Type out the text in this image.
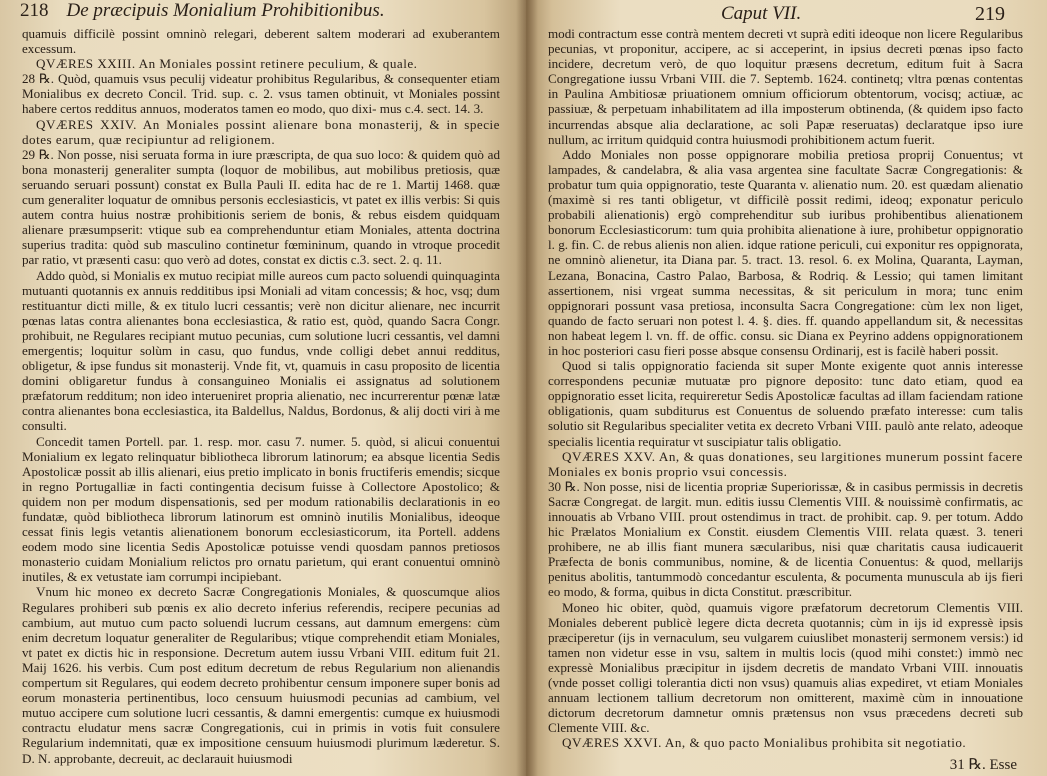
218 De præcipuis Monialium Prohibitionibus.

quamuis difficilè possint omninò relegari, deberent saltem moderari ad exuberantem excessum.

QVÆRES XXIII. An Moniales possint retinere peculium, & quale.

28 ℞. Quòd, quamuis vsus peculij videatur prohibitus Regularibus, & consequenter etiam Monialibus ex decreto Concil. Trid. sup. c. 2. vsus tamen obtinuit, vt Moniales possint habere certos redditus annuos, moderatos tamen eo modo, quo dixi- mus c.4. sect. 14. 3.

QVÆRES XXIV. An Moniales possint alienare bona monasterij, & in specie dotes earum, quæ recipiuntur ad religionem.

29 ℞. Non posse, nisi seruata forma in iure præscripta, de qua suo loco: & quidem quò ad bona monasterij generaliter sumpta (loquor de mobilibus, aut mobilibus pretiosis, quæ seruando seruari possunt) constat ex Bulla Pauli II. edita hac de re 1. Martij 1468. quæ cum generaliter loquatur de omnibus personis ecclesiasticis, vt patet ex illis verbis: Si quis autem contra huius nostræ prohibitionis seriem de bonis, & rebus eisdem quidquam alienare præsumpserit: vtique sub ea comprehenduntur etiam Moniales, attenta doctrina superius tradita: quòd sub masculino continetur fœmininum, quando in vtroque procedit par ratio, vt præsenti casu: quo verò ad dotes, constat ex dictis c.3. sect. 2. q. 11.

Addo quòd, si Monialis ex mutuo recipiat mille aureos cum pacto soluendi quinquaginta mutuanti quotannis ex annuis redditibus ipsi Moniali ad vitam concessis; & hoc, vsq; dum restituantur dicti mille, & ex titulo lucri cessantis; verè non dicitur alienare, nec incurrit pœnas latas contra alienantes bona ecclesiastica, & ratio est, quòd, quando Sacra Congr. prohibuit, ne Regulares recipiant mutuo pecunias, cum solutione lucri cessantis, vel damni emergentis; loquitur solùm in casu, quo fundus, vnde colligi debet annui redditus, obligetur, & ipse fundus sit monasterij. Vnde fit, vt, quamuis in casu proposito de licentia domini obligaretur fundus à consanguineo Monialis ei assignatus ad solutionem præfatorum redditum; non ideo interueniret propria alienatio, nec incurrerentur pœnæ latæ contra alienantes bona ecclesiastica, ita Baldellus, Naldus, Bordonus, & alij docti viri à me consulti.

Concedit tamen Portell. par. 1. resp. mor. casu 7. numer. 5. quòd, si alicui conuentui Monialium ex legato relinquatur bibliotheca librorum latinorum; ea absque licentia Sedis Apostolicæ possit ab illis alienari, eius pretio implicato in bonis fructiferis emendis; sicque in regno Portugalliæ in facti contingentia decisum fuisse à Collectore Apostolico; & quidem non per modum dispensationis, sed per modum rationabilis declarationis in eo fundatæ, quòd bibliotheca librorum latinorum est omninò inutilis Monialibus, ideoque cessat finis legis vetantis alienationem bonorum ecclesiasticorum, ita Portell. addens eodem modo sine licentia Sedis Apostolicæ potuisse vendi quosdam pannos pretiosos monasterio cuidam Monialium relictos pro ornatu parietum, qui erant conuentui omninò inutiles, & ex vetustate iam corrumpi incipiebant.

Vnum hic moneo ex decreto Sacræ Congregationis Moniales, & quoscumque alios Regulares prohiberi sub pœnis ex alio decreto inferius referendis, recipere pecunias ad cambium, aut mutuo cum pacto soluendi lucrum cessans, aut damnum emergens: cùm enim decretum loquatur generaliter de Regularibus; vtique comprehendit etiam Moniales, vt patet ex dictis hic in responsione. Decretum autem iussu Vrbani VIII. editum fuit 21. Maij 1626. his verbis. Cum post editum decretum de rebus Regularium non alienandis compertum sit Regulares, qui eodem decreto prohibentur censum imponere super bonis ad eorum monasteria pertinentibus, loco censuum huiusmodi pecunias ad cambium, vel mutuo accipere cum solutione lucri cessantis, & damni emergentis: cumque ex huiusmodi contractu eludatur mens sacræ Congregationis, cui in primis in votis fuit consulere Regularium indemnitati, quæ ex impositione censuum huiusmodi plurimum læderetur. S. D. N. approbante, decreuit, ac declarauit huiusmodi

Caput VII.	219

modi contractum esse contrà mentem decreti vt suprà editi ideoque non licere Regularibus pecunias, vt proponitur, accipere, ac si acceperint, in ipsius decreti pœnas ipso facto incidere, decretum verò, de quo loquitur præsens decretum, editum fuit à Sacra Congregatione iussu Vrbani VIII. die 7. Septemb. 1624. continetq; vltra pœnas contentas in Paulina Ambitiosæ priuationem omnium officiorum obtentorum, vocisq; actiuæ, ac passiuæ, & perpetuam inhabilitatem ad illa imposterum obtinenda, (& quidem ipso facto incurrendas absque alia declaratione, ac soli Papæ reseruatas) declaratque ipso iure nullum, ac irritum quidquid contra huiusmodi prohibitionem actum fuerit.

Addo Moniales non posse oppignorare mobilia pretiosa proprij Conuentus; vt lampades, & candelabra, & alia vasa argentea sine facultate Sacræ Congregationis: & probatur tum quia oppignoratio, teste Quaranta v. alienatio num. 20. est quædam alienatio (maximè si res tanti obligetur, vt difficilè possit redimi, ideoq; exponatur periculo probabili alienationis) ergò comprehenditur sub iuribus prohibentibus alienationem bonorum Ecclesiasticorum: tum quia prohibita alienatione à iure, prohibetur oppignoratio l. g. fin. C. de rebus alienis non alien. idque ratione periculi, cui exponitur res oppignorata, ne omninò alienetur, ita Diana par. 5. tract. 13. resol. 6. ex Molina, Quaranta, Layman, Lezana, Bonacina, Castro Palao, Barbosa, & Rodriq. & Lessio; qui tamen limitant assertionem, nisi vrgeat summa necessitas, & sit periculum in mora; tunc enim oppignorari possunt vasa pretiosa, inconsulta Sacra Congregatione: cùm lex non liget, quando de facto seruari non potest l. 4. §. dies. ff. quando appellandum sit, & necessitas non habeat legem l. vn. ff. de offic. consu. sic Diana ex Peyrino addens oppignorationem in hoc posteriori casu fieri posse absque consensu Ordinarij, est is facilè haberi possit.

Quod si talis oppignoratio facienda sit super Monte exigente quot annis interesse correspondens pecuniæ mutuatæ pro pignore deposito: tunc dato etiam, quod ea oppignoratio esset licita, requireretur Sedis Apostolicæ facultas ad illam faciendam ratione obligationis, quam subditurus est Conuentus de soluendo præfato interesse: cum talis solutio sit Regularibus specialiter vetita ex decreto Vrbani VIII. paulò ante relato, adeoque specialis licentia requiratur vt suscipiatur talis obligatio.

QVÆRES XXV. An, & quas donationes, seu largitiones munerum possint facere Moniales ex bonis proprio vsui concessis.

30 ℞. Non posse, nisi de licentia propriæ Superiorissæ, & in casibus permissis in decretis Sacræ Congregat. de largit. mun. editis iussu Clementis VIII. & nouissimè confirmatis, ac innouatis ab Vrbano VIII. prout ostendimus in tract. de prohibit. cap. 9. per totum. Addo hic Prælatos Monialium ex Constit. eiusdem Clementis VIII. relata quæst. 3. teneri prohibere, ne ab illis fiant munera sæcularibus, nisi quæ charitatis causa iudicauerit Præfecta de bonis communibus, nomine, & de licentia Conuentus: & quod, mellarijs penitus abolitis, tantummodò concedantur esculenta, & pocumenta munuscula ab ijs fieri eo modo, & forma, quibus in dicta Constitut. præscribitur.

Moneo hic obiter, quòd, quamuis vigore præfatorum decretorum Clementis VIII. Moniales deberent publicè legere dicta decreta quotannis; cùm in ijs id expressè ipsis præciperetur (ijs in vernaculum, seu vulgarem cuiuslibet monasterij sermonem versis:) id tamen non videtur esse in vsu, saltem in multis locis (quod mihi constet:) immò nec expressè Monialibus præcipitur in ijsdem decretis de mandato Vrbani VIII. innouatis (vnde posset colligi tolerantia dicti non vsus) quamuis alias expediret, vt etiam Moniales annuam lectionem tallium decretorum non omitterent, maximè cùm in innouatione dictorum decretorum damnetur omnis prætensus non vsus præcedens decreti sub Clemente VIII. &c.

QVÆRES XXVI. An, & quo pacto Monialibus prohibita sit negotiatio.

31 ℞. Esse
